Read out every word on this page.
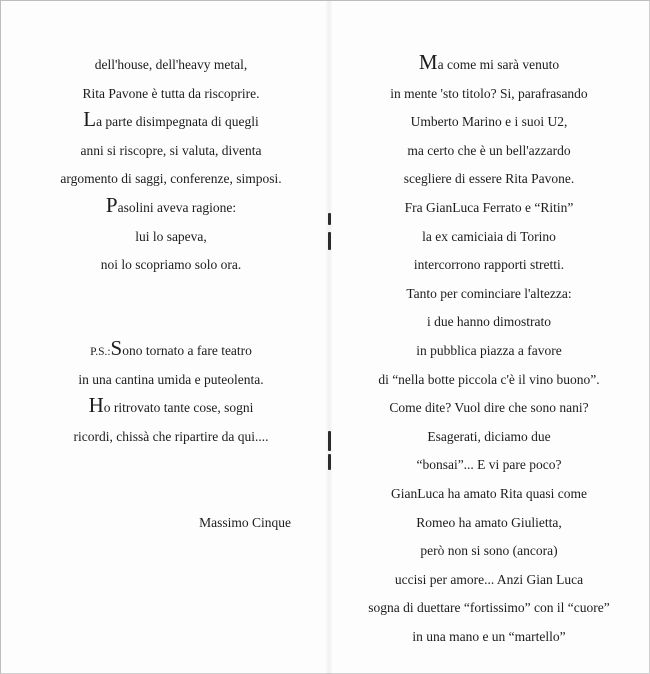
dell'house, dell'heavy metal,
Rita Pavone è tutta da riscoprire.
La parte disimpegnata di quegli
anni si riscopre, si valuta, diventa
argomento di saggi, conferenze, simposi.
Pasolini aveva ragione:
lui lo sapeva,
noi lo scopriamo solo ora.
P.S.:Sono tornato a fare teatro
in una cantina umida e puteolenta.
Ho ritrovato tante cose, sogni
ricordi, chissà che ripartire da qui....
Massimo Cinque
Ma come mi sarà venuto
in mente 'sto titolo? Si, parafrasando
Umberto Marino e i suoi U2,
ma certo che è un bell'azzardo
scegliere di essere Rita Pavone.
Fra GianLuca Ferrato e “Ritin”
la ex camiciaia di Torino
intercorrono rapporti stretti.
Tanto per cominciare l'altezza:
i due hanno dimostrato
in pubblica piazza a favore
di “nella botte piccola c'è il vino buono”.
Come dite? Vuol dire che sono nani?
Esagerati, diciamo due
“bonsai”... E vi pare poco?
GianLuca ha amato Rita quasi come
Romeo ha amato Giulietta,
però non si sono (ancora)
uccisi per amore... Anzi Gian Luca
sogna di duettare “fortissimo” con il “cuore”
in una mano e un “martello”
